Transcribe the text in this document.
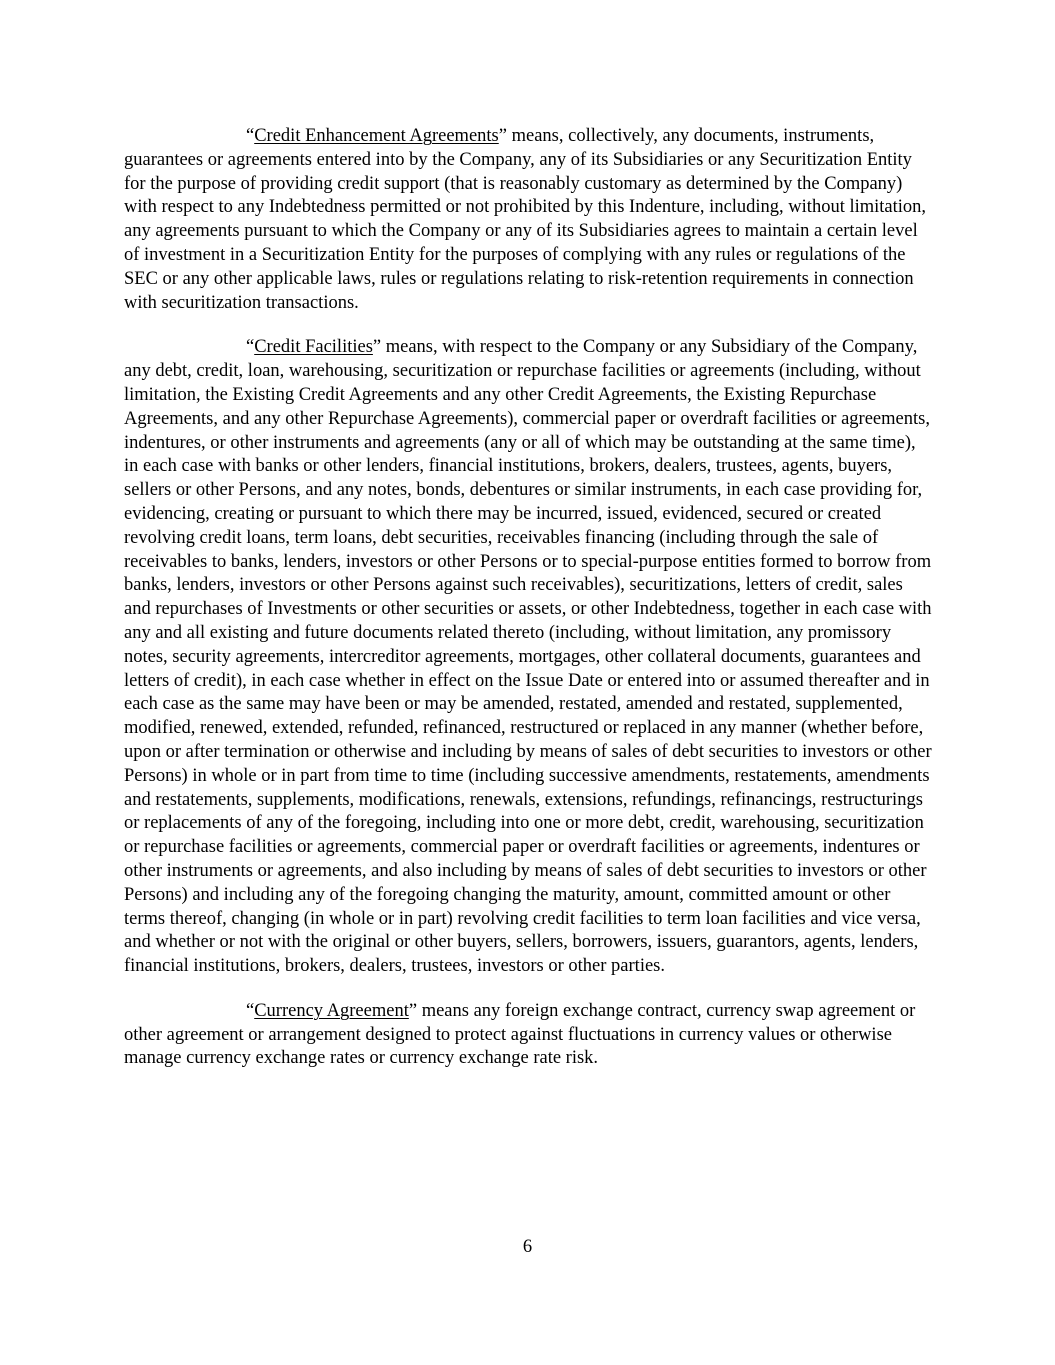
“Credit Enhancement Agreements” means, collectively, any documents, instruments, guarantees or agreements entered into by the Company, any of its Subsidiaries or any Securitization Entity for the purpose of providing credit support (that is reasonably customary as determined by the Company) with respect to any Indebtedness permitted or not prohibited by this Indenture, including, without limitation, any agreements pursuant to which the Company or any of its Subsidiaries agrees to maintain a certain level of investment in a Securitization Entity for the purposes of complying with any rules or regulations of the SEC or any other applicable laws, rules or regulations relating to risk-retention requirements in connection with securitization transactions.

“Credit Facilities” means, with respect to the Company or any Subsidiary of the Company, any debt, credit, loan, warehousing, securitization or repurchase facilities or agreements (including, without limitation, the Existing Credit Agreements and any other Credit Agreements, the Existing Repurchase Agreements, and any other Repurchase Agreements), commercial paper or overdraft facilities or agreements, indentures, or other instruments and agreements (any or all of which may be outstanding at the same time), in each case with banks or other lenders, financial institutions, brokers, dealers, trustees, agents, buyers, sellers or other Persons, and any notes, bonds, debentures or similar instruments, in each case providing for, evidencing, creating or pursuant to which there may be incurred, issued, evidenced, secured or created revolving credit loans, term loans, debt securities, receivables financing (including through the sale of receivables to banks, lenders, investors or other Persons or to special-purpose entities formed to borrow from banks, lenders, investors or other Persons against such receivables), securitizations, letters of credit, sales and repurchases of Investments or other securities or assets, or other Indebtedness, together in each case with any and all existing and future documents related thereto (including, without limitation, any promissory notes, security agreements, intercreditor agreements, mortgages, other collateral documents, guarantees and letters of credit), in each case whether in effect on the Issue Date or entered into or assumed thereafter and in each case as the same may have been or may be amended, restated, amended and restated, supplemented, modified, renewed, extended, refunded, refinanced, restructured or replaced in any manner (whether before, upon or after termination or otherwise and including by means of sales of debt securities to investors or other Persons) in whole or in part from time to time (including successive amendments, restatements, amendments and restatements, supplements, modifications, renewals, extensions, refundings, refinancings, restructurings or replacements of any of the foregoing, including into one or more debt, credit, warehousing, securitization or repurchase facilities or agreements, commercial paper or overdraft facilities or agreements, indentures or other instruments or agreements, and also including by means of sales of debt securities to investors or other Persons) and including any of the foregoing changing the maturity, amount, committed amount or other terms thereof, changing (in whole or in part) revolving credit facilities to term loan facilities and vice versa, and whether or not with the original or other buyers, sellers, borrowers, issuers, guarantors, agents, lenders, financial institutions, brokers, dealers, trustees, investors or other parties.

“Currency Agreement” means any foreign exchange contract, currency swap agreement or other agreement or arrangement designed to protect against fluctuations in currency values or otherwise manage currency exchange rates or currency exchange rate risk.

6
